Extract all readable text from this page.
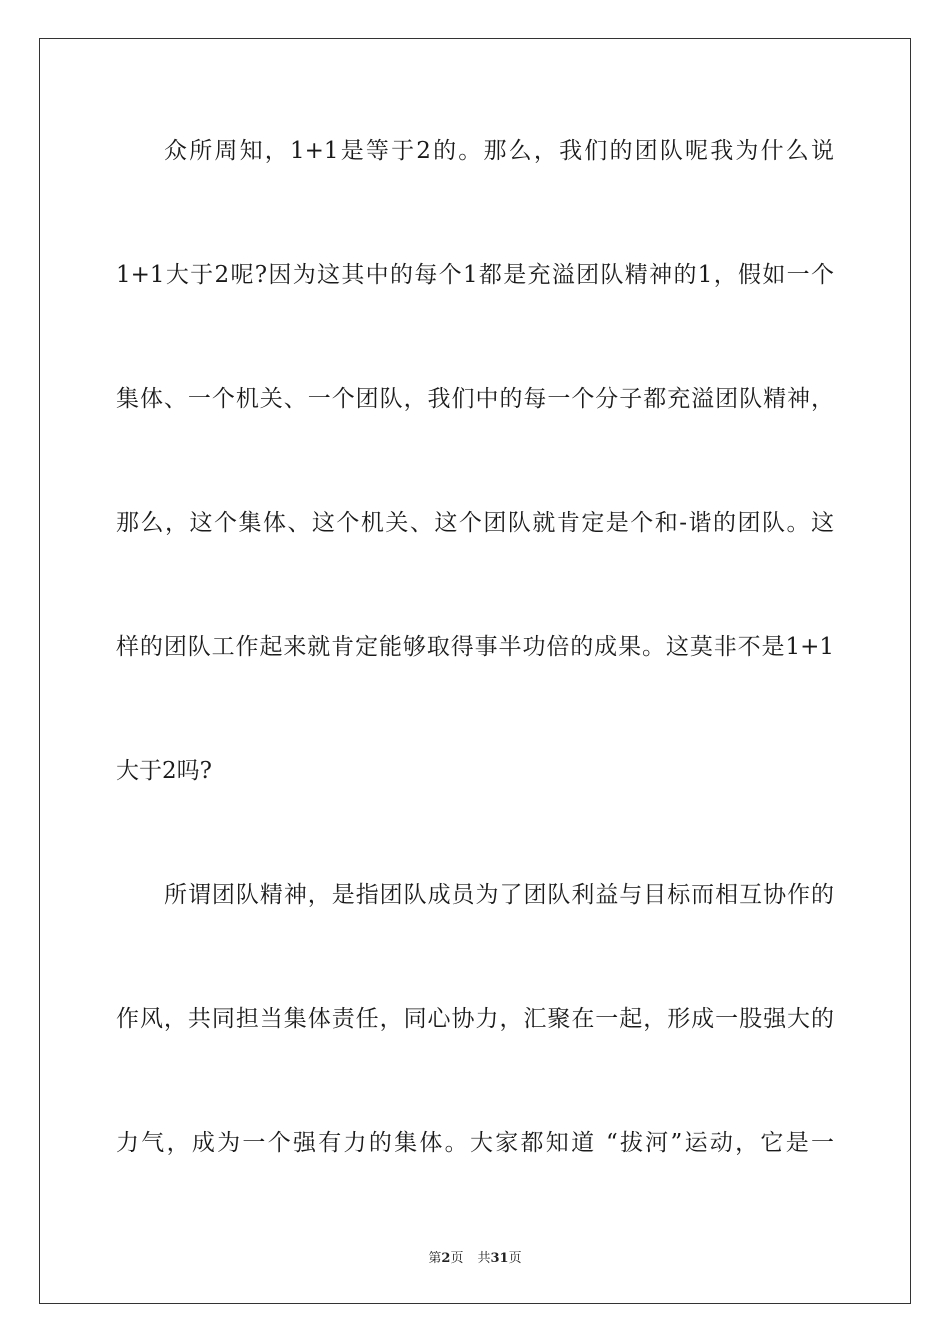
众所周知，1+1是等于2的。那么，我们的团队呢我为什么说
1+1大于2呢?因为这其中的每个1都是充溢团队精神的1，假如一个
集体、一个机关、一个团队，我们中的每一个分子都充溢团队精神，
那么，这个集体、这个机关、这个团队就肯定是个和-谐的团队。这
样的团队工作起来就肯定能够取得事半功倍的成果。这莫非不是1+1
大于2吗?
所谓团队精神，是指团队成员为了团队利益与目标而相互协作的
作风，共同担当集体责任，同心协力，汇聚在一起，形成一股强大的
力气，成为一个强有力的集体。大家都知道 “拔河”运动，它是一
第2页 共31页
